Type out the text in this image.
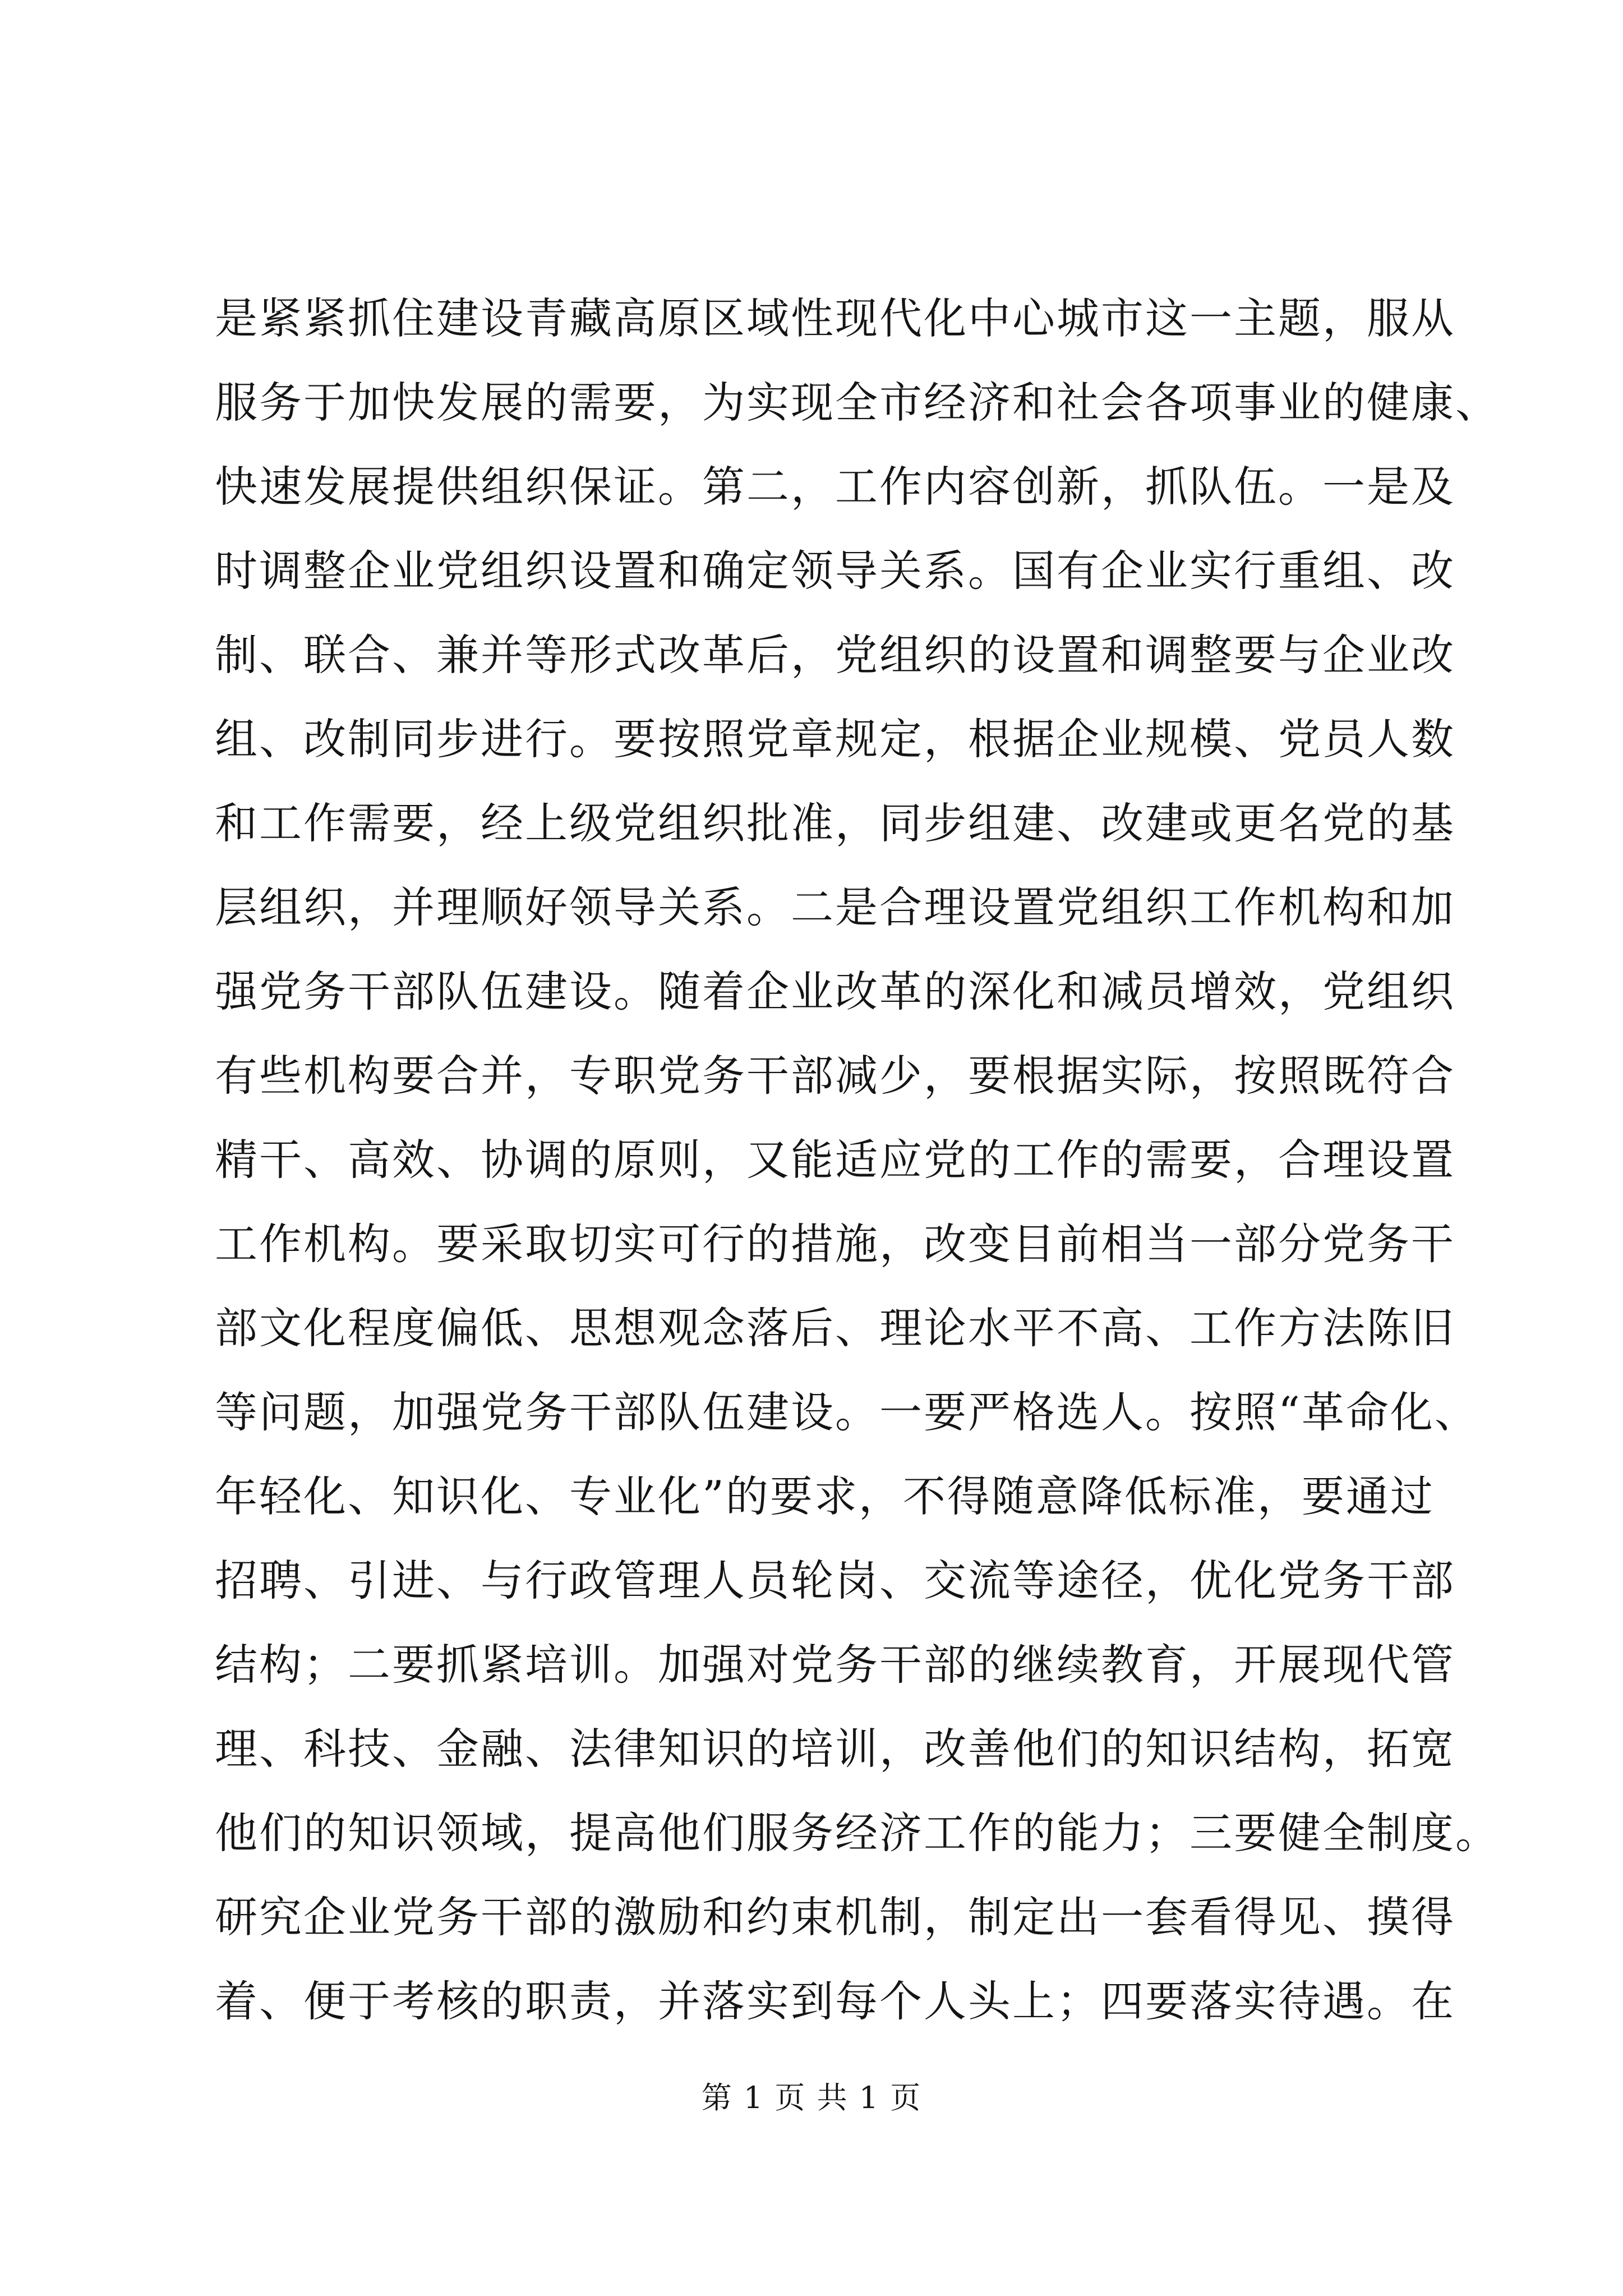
是紧紧抓住建设青藏高原区域性现代化中心城市这一主题，服从

服务于加快发展的需要，为实现全市经济和社会各项事业的健康、

快速发展提供组织保证。第二，工作内容创新，抓队伍。一是及

时调整企业党组织设置和确定领导关系。国有企业实行重组、改

制、联合、兼并等形式改革后，党组织的设置和调整要与企业改

组、改制同步进行。要按照党章规定，根据企业规模、党员人数

和工作需要，经上级党组织批准，同步组建、改建或更名党的基

层组织，并理顺好领导关系。二是合理设置党组织工作机构和加

强党务干部队伍建设。随着企业改革的深化和减员增效，党组织

有些机构要合并，专职党务干部减少，要根据实际，按照既符合

精干、高效、协调的原则，又能适应党的工作的需要，合理设置

工作机构。要采取切实可行的措施，改变目前相当一部分党务干

部文化程度偏低、思想观念落后、理论水平不高、工作方法陈旧

等问题，加强党务干部队伍建设。一要严格选人。按照“革命化、

年轻化、知识化、专业化”的要求，不得随意降低标准，要通过

招聘、引进、与行政管理人员轮岗、交流等途径，优化党务干部

结构；二要抓紧培训。加强对党务干部的继续教育，开展现代管

理、科技、金融、法律知识的培训，改善他们的知识结构，拓宽

他们的知识领域，提高他们服务经济工作的能力；三要健全制度。

研究企业党务干部的激励和约束机制，制定出一套看得见、摸得

着、便于考核的职责，并落实到每个人头上；四要落实待遇。在

第 1 页 共 1 页
